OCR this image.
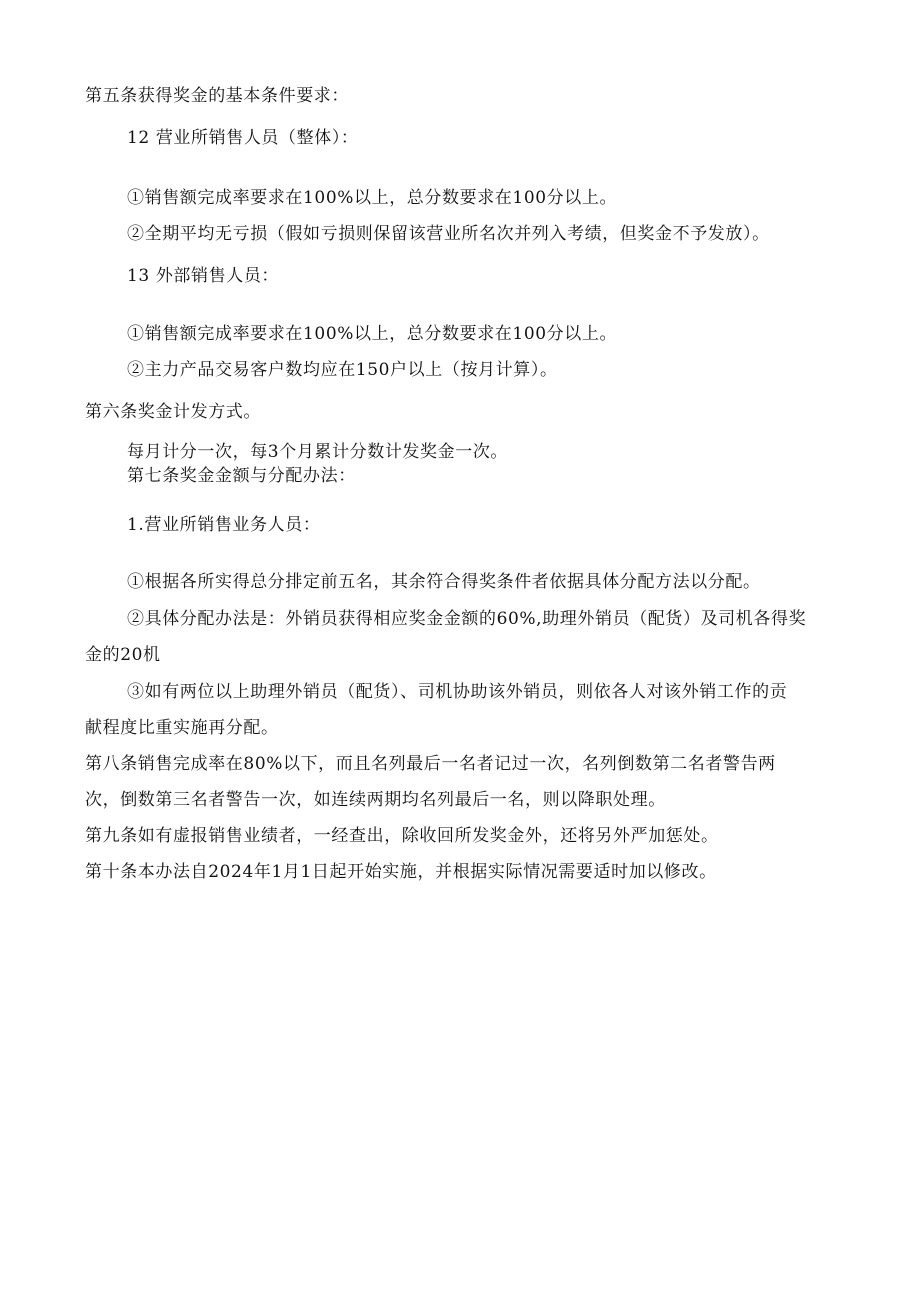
第五条获得奖金的基本条件要求：
12 营业所销售人员（整体）：
①销售额完成率要求在100%以上，总分数要求在100分以上。
②全期平均无亏损（假如亏损则保留该营业所名次并列入考绩，但奖金不予发放）。
13 外部销售人员：
①销售额完成率要求在100%以上，总分数要求在100分以上。
②主力产品交易客户数均应在150户以上（按月计算）。
第六条奖金计发方式。
每月计分一次，每3个月累计分数计发奖金一次。
第七条奖金金额与分配办法：
1.营业所销售业务人员：
①根据各所实得总分排定前五名，其余符合得奖条件者依据具体分配方法以分配。
②具体分配办法是：外销员获得相应奖金金额的60%,助理外销员（配货）及司机各得奖
金的20机
③如有两位以上助理外销员（配货）、司机协助该外销员，则依各人对该外销工作的贡
献程度比重实施再分配。
第八条销售完成率在80%以下，而且名列最后一名者记过一次，名列倒数第二名者警告两
次，倒数第三名者警告一次，如连续两期均名列最后一名，则以降职处理。
第九条如有虚报销售业绩者，一经查出，除收回所发奖金外，还将另外严加惩处。
第十条本办法自2024年1月1日起开始实施，并根据实际情况需要适时加以修改。
